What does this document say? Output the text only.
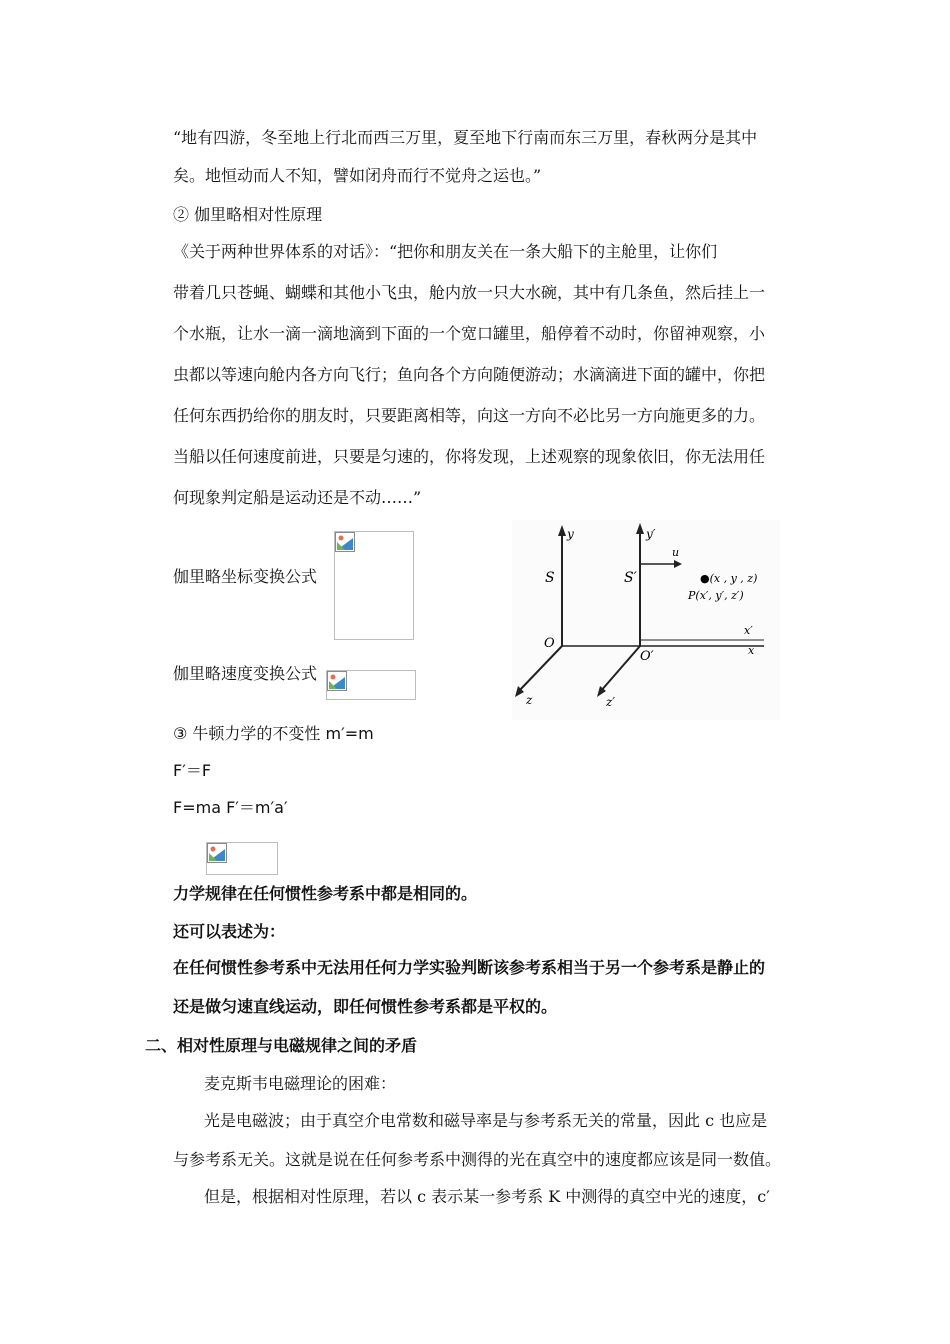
“地有四游，冬至地上行北而西三万里，夏至地下行南而东三万里，春秋两分是其中
矣。地恒动而人不知，譬如闭舟而行不觉舟之运也。”
② 伽里略相对性原理
《关于两种世界体系的对话》：“把你和朋友关在一条大船下的主舱里，让你们
带着几只苍蝇、蝴蝶和其他小飞虫，舱内放一只大水碗，其中有几条鱼，然后挂上一
个水瓶，让水一滴一滴地滴到下面的一个宽口罐里，船停着不动时，你留神观察，小
虫都以等速向舱内各方向飞行；鱼向各个方向随便游动；水滴滴进下面的罐中，你把
任何东西扔给你的朋友时，只要距离相等，向这一方向不必比另一方向施更多的力。
当船以任何速度前进，只要是匀速的，你将发现，上述观察的现象依旧，你无法用任
何现象判定船是运动还是不动……”
伽里略坐标变换公式
伽里略速度变换公式
y
S
O
y′
S′
O′
u
●(x , y , z)
P(x′, y′, z′)
x′
x
z	z′
③ 牛顿力学的不变性 m′=m
F′＝F
F=ma F′＝m′a′
力学规律在任何惯性参考系中都是相同的。
还可以表述为：
在任何惯性参考系中无法用任何力学实验判断该参考系相当于另一个参考系是静止的
还是做匀速直线运动，即任何惯性参考系都是平权的。
二、相对性原理与电磁规律之间的矛盾
麦克斯韦电磁理论的困难：
光是电磁波；由于真空介电常数和磁导率是与参考系无关的常量，因此 c 也应是
与参考系无关。这就是说在任何参考系中测得的光在真空中的速度都应该是同一数值。
但是，根据相对性原理，若以 c 表示某一参考系 K 中测得的真空中光的速度，c′
